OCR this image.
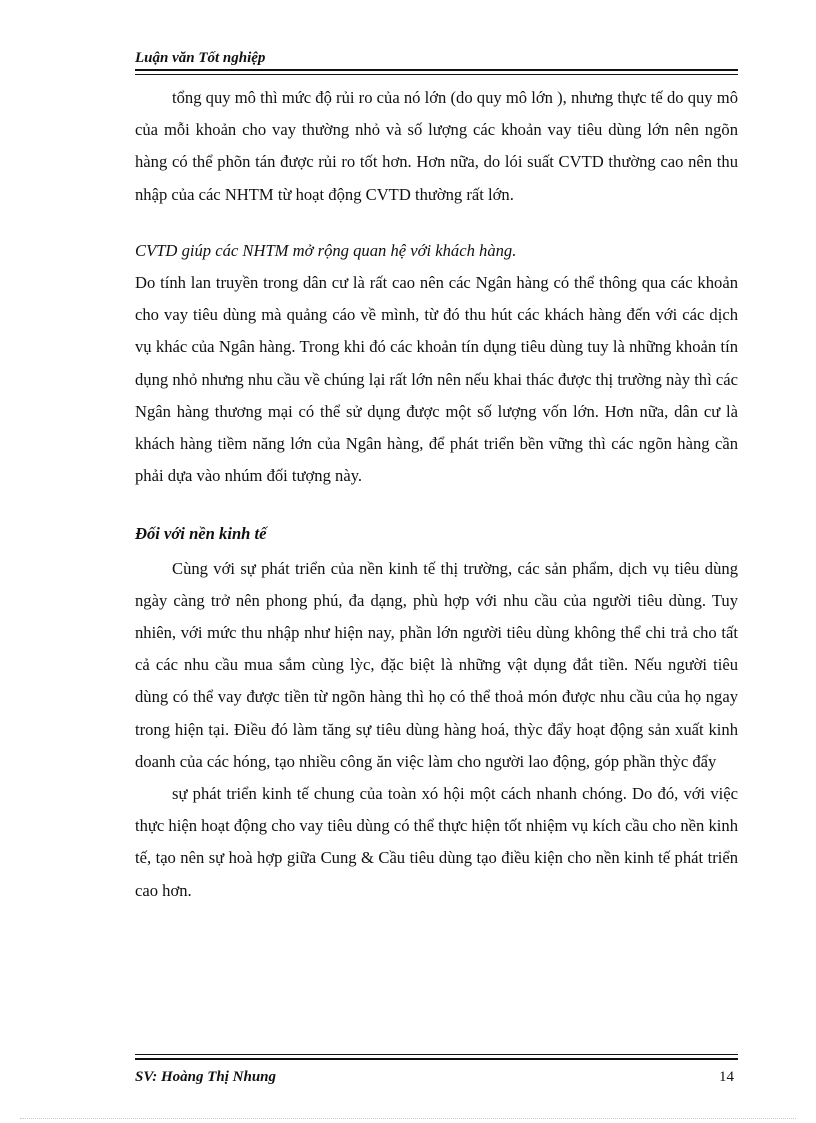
Luận văn Tốt nghiệp

tổng quy mô thì mức độ rủi ro của nó lớn (do quy mô lớn ), nhưng thực tế do quy mô của mỗi khoản cho vay thường nhỏ và số lượng các khoản vay tiêu dùng lớn nên ngõn hàng có thể phõn tán được rủi ro tốt hơn. Hơn nữa, do lói suất CVTD thường cao nên thu nhập của các NHTM từ hoạt động CVTD thường rất lớn.

CVTD giúp các NHTM mở rộng quan hệ với khách hàng.

Do tính lan truyền trong dân cư là rất cao nên các Ngân hàng có thể thông qua các khoản cho vay tiêu dùng mà quảng cáo về mình, từ đó thu hút các khách hàng đến với các dịch vụ khác của Ngân hàng. Trong khi đó các khoản tín dụng tiêu dùng tuy là những khoản tín dụng nhỏ nhưng nhu cầu về chúng lại rất lớn nên nếu khai thác được thị trường này thì các Ngân hàng thương mại có thể sử dụng được một số lượng vốn lớn. Hơn nữa, dân cư là khách hàng tiềm năng lớn của Ngân hàng, để phát triển bền vững thì các ngõn hàng cần phải dựa vào nhúm đối tượng này.

Đối với nền kinh tế

Cùng với sự phát triển của nền kinh tế thị trường, các sản phẩm, dịch vụ tiêu dùng ngày càng trở nên phong phú, đa dạng, phù hợp với nhu cầu của người tiêu dùng. Tuy nhiên, với mức thu nhập như hiện nay, phần lớn người tiêu dùng không thể chi trả cho tất cả các nhu cầu mua sắm cùng lỳc, đặc biệt là những vật dụng đắt tiền. Nếu người tiêu dùng có thể vay được tiền từ ngõn hàng thì họ có thể thoả món được nhu cầu của họ ngay trong hiện tại. Điều đó làm tăng sự tiêu dùng hàng hoá, thỳc đẩy hoạt động sản xuất kinh doanh của các hóng, tạo nhiều công ăn việc làm cho người lao động, góp phần thỳc đẩy

sự phát triển kinh tế chung của toàn xó hội một cách nhanh chóng. Do đó, với việc thực hiện hoạt động cho vay tiêu dùng có thể thực hiện tốt nhiệm vụ kích cầu cho nền kinh tế, tạo nên sự hoà hợp giữa Cung & Cầu tiêu dùng tạo điều kiện cho nền kinh tế phát triển cao hơn.

SV: Hoàng Thị Nhung	14
